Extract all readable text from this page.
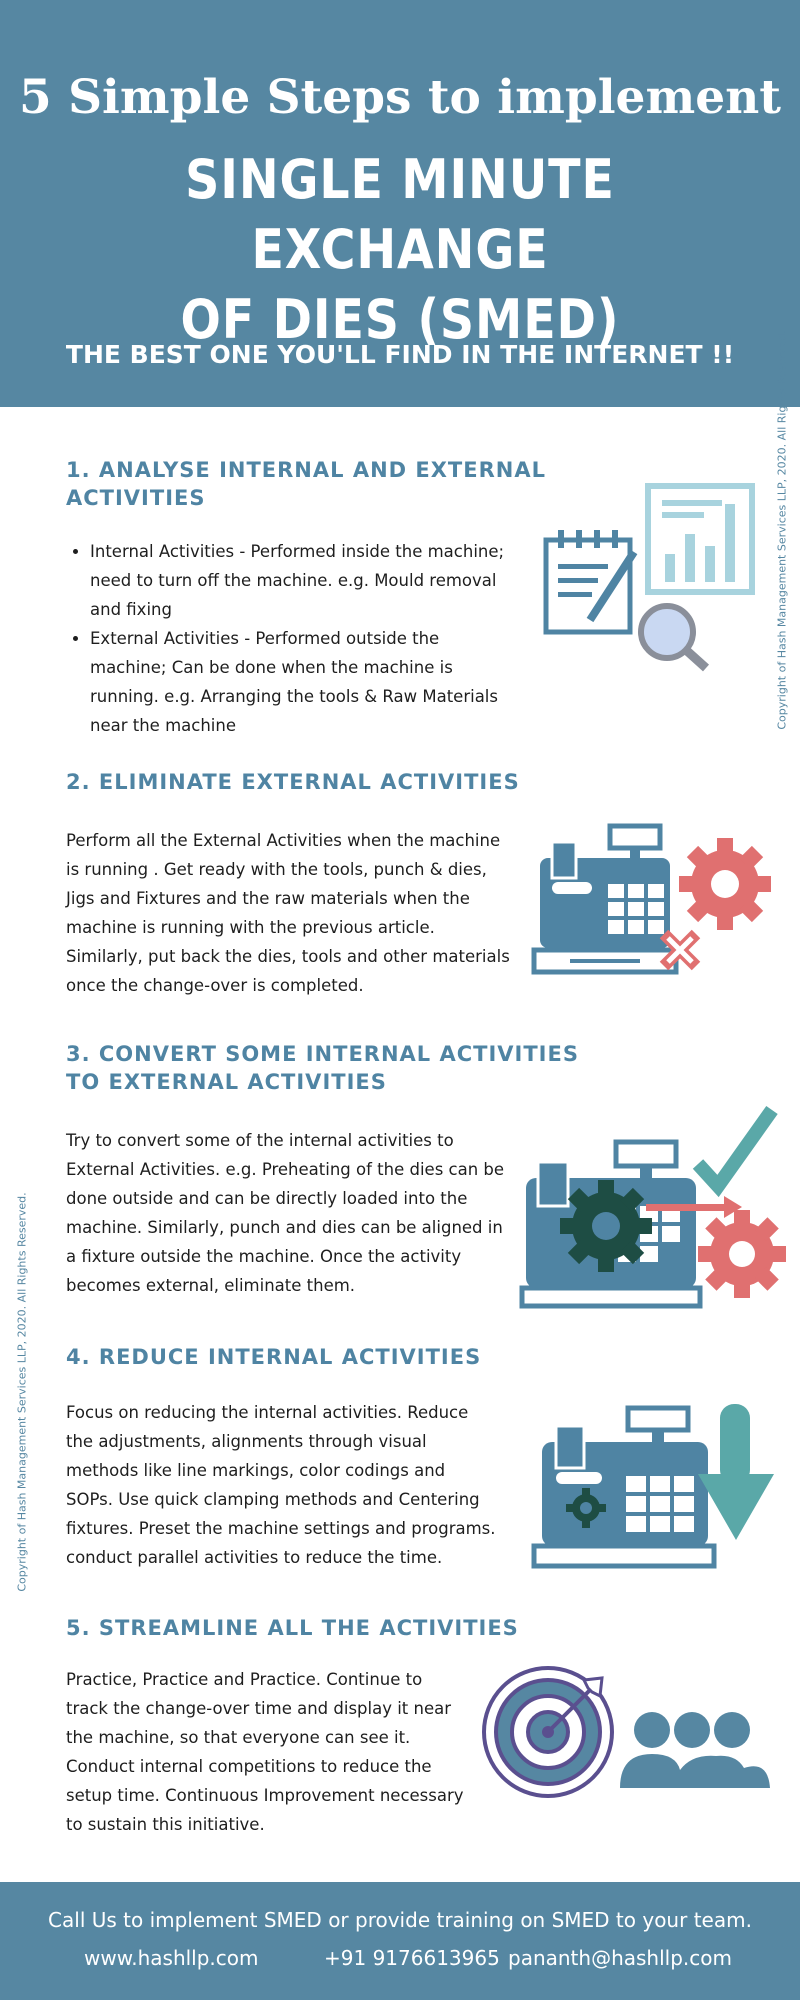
5 Simple Steps to implement
SINGLE MINUTE EXCHANGE
OF DIES (SMED)
THE BEST ONE YOU'LL FIND IN THE INTERNET !!
1. ANALYSE INTERNAL AND EXTERNAL
ACTIVITIES
• Internal Activities - Performed inside the machine; need to turn off the machine. e.g. Mould removal and fixing
• External Activities - Performed outside the machine; Can be done when the machine is running. e.g. Arranging the tools & Raw Materials near the machine
2. ELIMINATE EXTERNAL ACTIVITIES
Perform all the External Activities when the machine is running . Get ready with the tools, punch & dies, Jigs and Fixtures and the raw materials when the machine is running with the previous article. Similarly, put back the dies, tools and other materials once the change-over is completed.
3. CONVERT SOME INTERNAL ACTIVITIES
TO EXTERNAL ACTIVITIES
Try to convert some of the internal activities to External Activities. e.g. Preheating of the dies can be done outside and can be directly loaded into the machine. Similarly, punch and dies can be aligned in a fixture outside the machine. Once the activity becomes external, eliminate them.
4. REDUCE INTERNAL ACTIVITIES
Focus on reducing the internal activities. Reduce the adjustments, alignments through visual methods like line markings, color codings and SOPs. Use quick clamping methods and Centering fixtures. Preset the machine settings and programs. conduct parallel activities to reduce the time.
5. STREAMLINE ALL THE ACTIVITIES
Practice, Practice and Practice. Continue to track the change-over time and display it near the machine, so that everyone can see it. Conduct internal competitions to reduce the setup time. Continuous Improvement necessary to sustain this initiative.
Copyright of Hash Management Services LLP, 2020. All Rights Reserved.
Copyright of Hash Management Services LLP, 2020. All Rights Reserved.
Call Us to implement SMED or provide training on SMED to your team.
www.hashllp.com	+91 9176613965 pananth@hashllp.com
